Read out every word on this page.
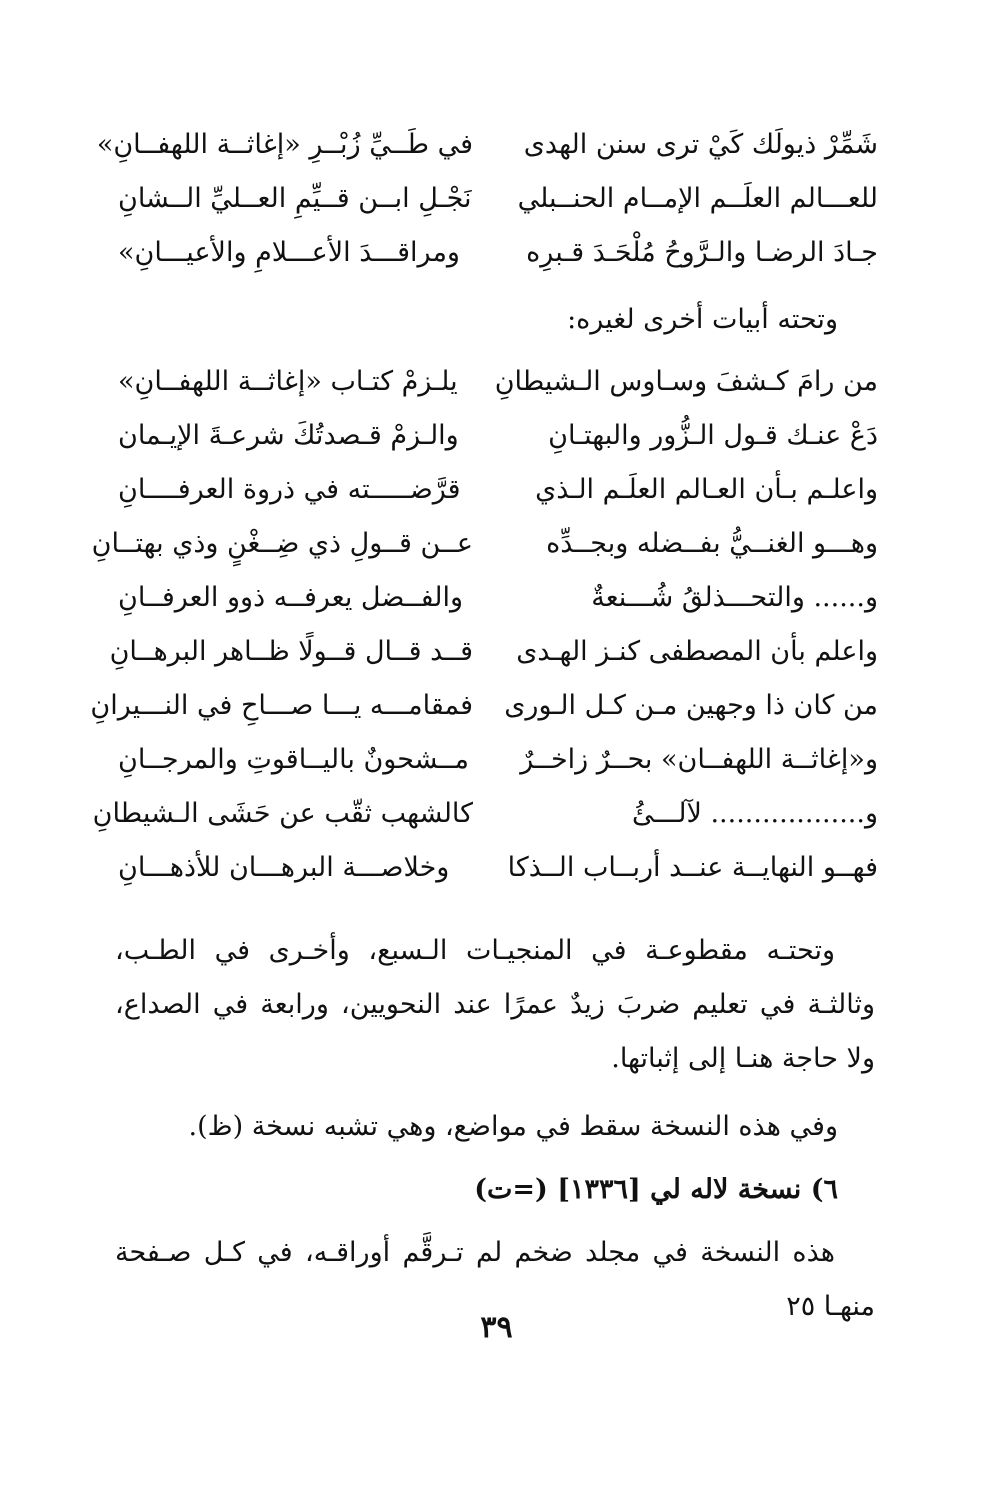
شَمِّرْ ذيولَك كَيْ ترى سنن الهدى
في طَــيِّ زُبْــرِ «إغاثــة اللهفــانِ»
للعـــالم العلَــم الإمــام الحنــبلي
نَجْـلِ ابــن قــيِّمِ العــليِّ الــشانِ
جـادَ الرضـا والـرَّوحُ مُلْحَـدَ قـبرِه
ومراقـــدَ الأعـــلامِ والأعيـــانِ»
وتحته أبيات أخرى لغيره:
من رامَ كـشفَ وسـاوس الـشيطانِ
يلـزمْ كتـاب «إغاثــة اللهفــانِ»
دَعْ عنـك قـول الـزُّور والبهتـانِ
والـزمْ قـصدتُكَ شرعـةَ الإيـمان
واعلـم بـأن العـالم العلَـم الـذي
قرَّضـــــته في ذروة العرفــــانِ
وهـــو الغنــيُّ بفــضله وبجــدِّه
عــن قــولِ ذي ضِــغْنٍ وذي بهتــانِ
و...... والتحـــذلقُ شُـــنعةٌ
والفــضل يعرفــه ذوو العرفــانِ
واعلم بأن المصطفى كنـز الهـدى
قــد قــال قــولًا ظــاهر البرهــانِ
من كان ذا وجهين مـن كـل الـورى
فمقامـــه يـــا صـــاحِ في النـــيرانِ
و«إغاثــة اللهفــان» بحــرٌ زاخــرٌ
مــشحونٌ باليــاقوتِ والمرجــانِ
و.................. لآلـــئُ
كالشهب ثقّب عن حَشَى الـشيطانِ
فهــو النهايــة عنــد أربــاب الــذكا
وخلاصـــة البرهـــان للأذهـــانِ
وتحتـه مقطوعـة في المنجيـات الـسبع، وأخـرى في الطـب، وثالثـة في تعليم ضربَ زيدٌ عمرًا عند النحويين، ورابعة في الصداع، ولا حاجة هنـا إلى إثباتها.
وفي هذه النسخة سقط في مواضع، وهي تشبه نسخة (ظ).
٦) نسخة لاله لي [١٣٣٦] (=ت)
هذه النسخة في مجلد ضخم لم تـرقَّم أوراقـه، في كـل صـفحة منهـا ٢٥
٣٩
